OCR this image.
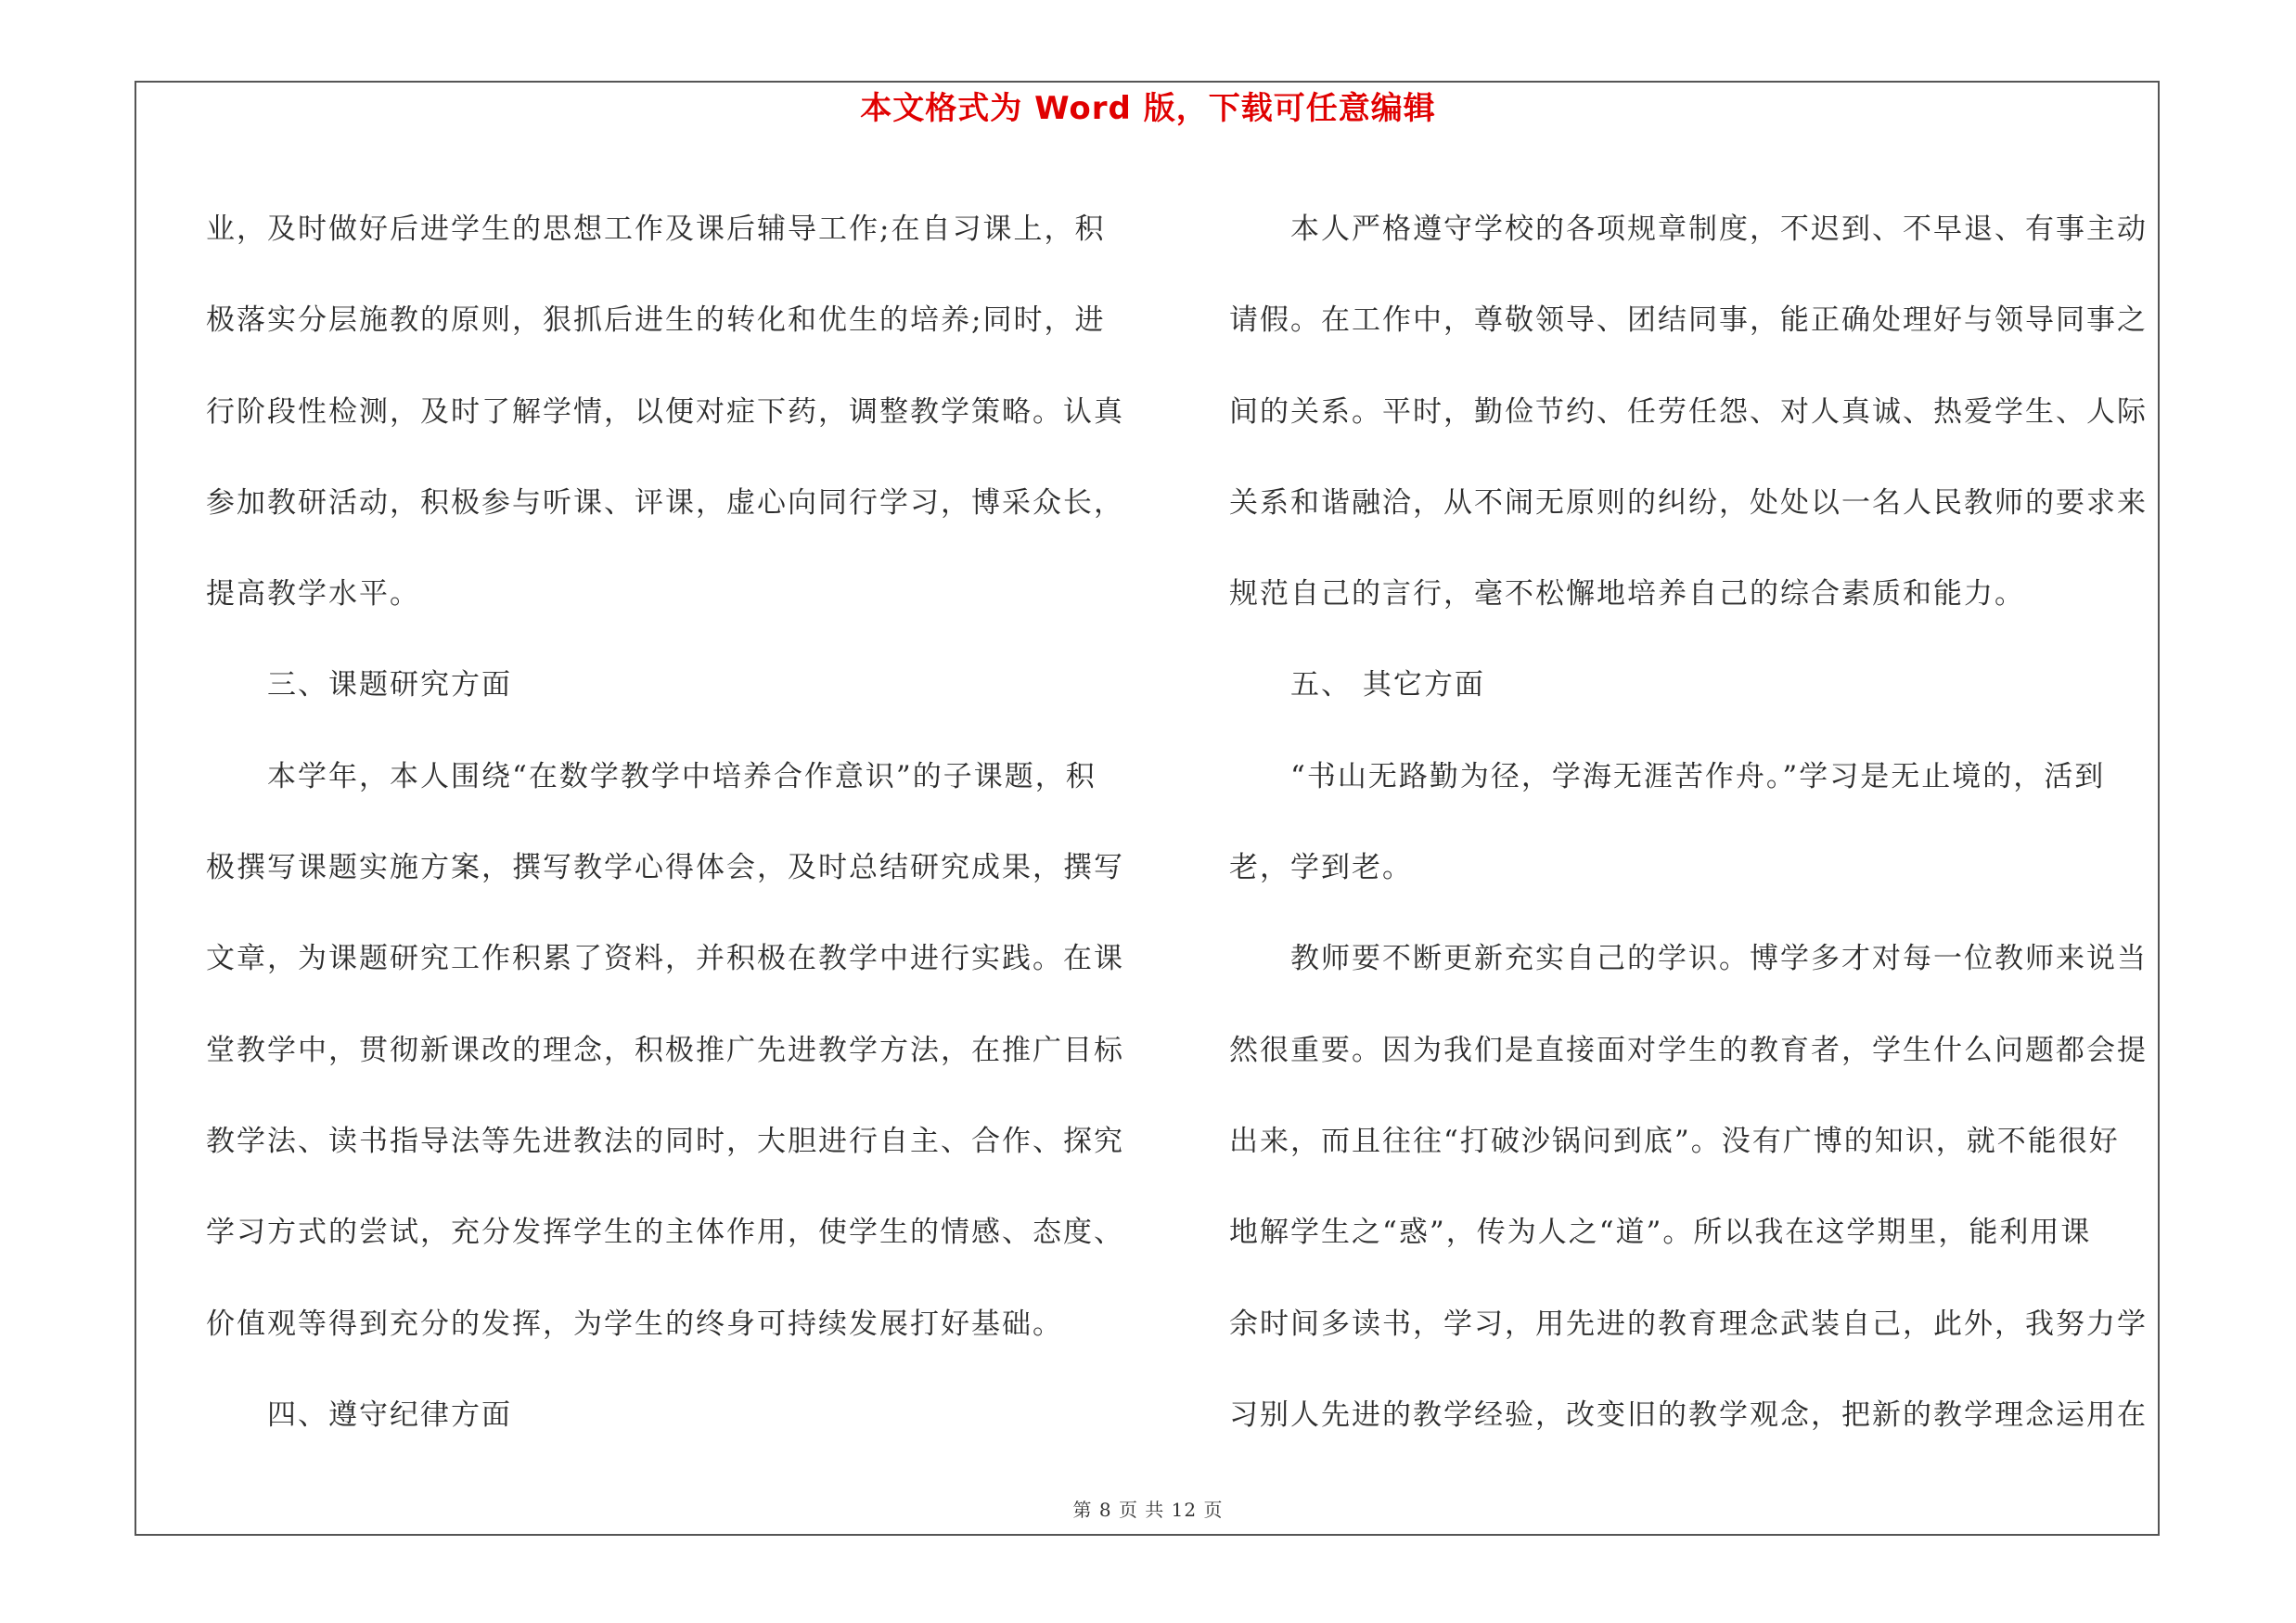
本文格式为 Word 版，下载可任意编辑
业，及时做好后进学生的思想工作及课后辅导工作;在自习课上，积
极落实分层施教的原则，狠抓后进生的转化和优生的培养;同时，进
行阶段性检测，及时了解学情，以便对症下药，调整教学策略。认真
参加教研活动，积极参与听课、评课，虚心向同行学习，博采众长，
提高教学水平。
三、课题研究方面
本学年，本人围绕“在数学教学中培养合作意识”的子课题，积
极撰写课题实施方案，撰写教学心得体会，及时总结研究成果，撰写
文章，为课题研究工作积累了资料，并积极在教学中进行实践。在课
堂教学中，贯彻新课改的理念，积极推广先进教学方法，在推广目标
教学法、读书指导法等先进教法的同时，大胆进行自主、合作、探究
学习方式的尝试，充分发挥学生的主体作用，使学生的情感、态度、
价值观等得到充分的发挥，为学生的终身可持续发展打好基础。
四、遵守纪律方面
本人严格遵守学校的各项规章制度，不迟到、不早退、有事主动
请假。在工作中，尊敬领导、团结同事，能正确处理好与领导同事之
间的关系。平时，勤俭节约、任劳任怨、对人真诚、热爱学生、人际
关系和谐融洽，从不闹无原则的纠纷，处处以一名人民教师的要求来
规范自己的言行，毫不松懈地培养自己的综合素质和能力。
五、 其它方面
“书山无路勤为径，学海无涯苦作舟。”学习是无止境的，活到
老，学到老。
教师要不断更新充实自己的学识。博学多才对每一位教师来说当
然很重要。因为我们是直接面对学生的教育者，学生什么问题都会提
出来，而且往往“打破沙锅问到底”。没有广博的知识，就不能很好
地解学生之“惑”，传为人之“道”。所以我在这学期里，能利用课
余时间多读书，学习，用先进的教育理念武装自己，此外，我努力学
习别人先进的教学经验，改变旧的教学观念，把新的教学理念运用在
第 8 页 共 12 页
